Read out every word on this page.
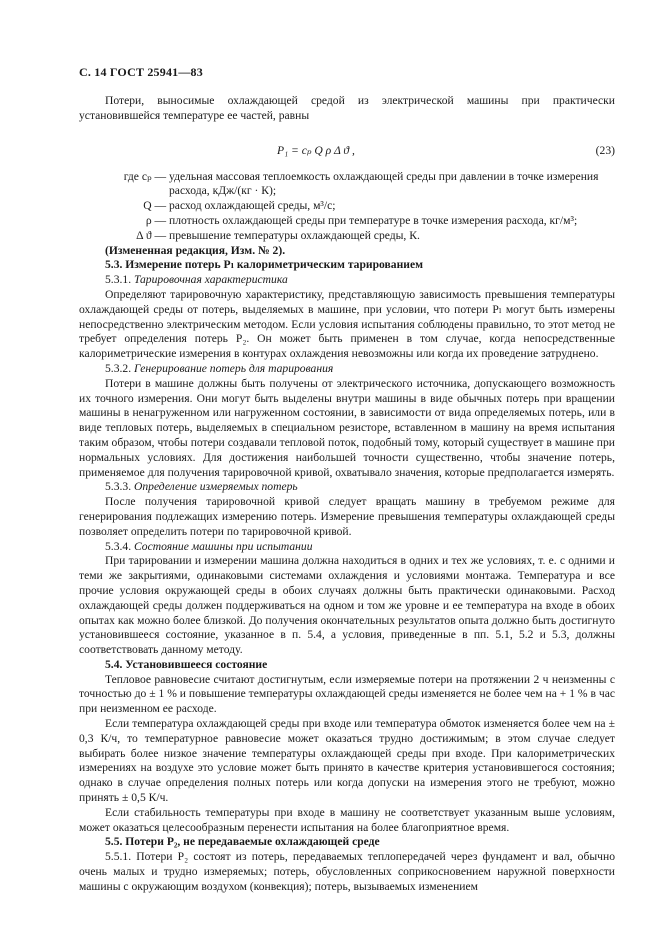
С. 14 ГОСТ 25941—83

Потери, выносимые охлаждающей средой из электрической машины при практически установившейся температуре ее частей, равны

P₁ = cₚ Q ρ Δ ϑ ,	(23)
где cₚ — удельная массовая теплоемкость охлаждающей среды при давлении в точке измерения расхода, кДж/(кг · К);
Q — расход охлаждающей среды, м³/с;
ρ — плотность охлаждающей среды при температуре в точке измерения расхода, кг/м³;
Δ ϑ — превышение температуры охлаждающей среды, К.

(Измененная редакция, Изм. № 2).

5.3. Измерение потерь Pₗ калориметрическим тарированием

5.3.1. Тарировочная характеристика

Определяют тарировочную характеристику, представляющую зависимость превышения температуры охлаждающей среды от потерь, выделяемых в машине, при условии, что потери Pₗ могут быть измерены непосредственно электрическим методом. Если условия испытания соблюдены правильно, то этот метод не требует определения потерь P₂. Он может быть применен в том случае, когда непосредственные калориметрические измерения в контурах охлаждения невозможны или когда их проведение затруднено.

5.3.2. Генерирование потерь для тарирования

Потери в машине должны быть получены от электрического источника, допускающего возможность их точного измерения. Они могут быть выделены внутри машины в виде обычных потерь при вращении машины в ненагруженном или нагруженном состоянии, в зависимости от вида определяемых потерь, или в виде тепловых потерь, выделяемых в специальном резисторе, вставленном в машину на время испытания таким образом, чтобы потери создавали тепловой поток, подобный тому, который существует в машине при нормальных условиях. Для достижения наибольшей точности существенно, чтобы значение потерь, применяемое для получения тарировочной кривой, охватывало значения, которые предполагается измерять.

5.3.3. Определение измеряемых потерь

После получения тарировочной кривой следует вращать машину в требуемом режиме для генерирования подлежащих измерению потерь. Измерение превышения температуры охлаждающей среды позволяет определить потери по тарировочной кривой.

5.3.4. Состояние машины при испытании

При тарировании и измерении машина должна находиться в одних и тех же условиях, т. е. с одними и теми же закрытиями, одинаковыми системами охлаждения и условиями монтажа. Температура и все прочие условия окружающей среды в обоих случаях должны быть практически одинаковыми. Расход охлаждающей среды должен поддерживаться на одном и том же уровне и ее температура на входе в обоих опытах как можно более близкой. До получения окончательных результатов опыта должно быть достигнуто установившееся состояние, указанное в п. 5.4, а условия, приведенные в пп. 5.1, 5.2 и 5.3, должны соответствовать данному методу.

5.4. Установившееся состояние

Тепловое равновесие считают достигнутым, если измеряемые потери на протяжении 2 ч неизменны с точностью до ± 1 % и повышение температуры охлаждающей среды изменяется не более чем на + 1 % в час при неизменном ее расходе.

Если температура охлаждающей среды при входе или температура обмоток изменяется более чем на ± 0,3 К/ч, то температурное равновесие может оказаться трудно достижимым; в этом случае следует выбирать более низкое значение температуры охлаждающей среды при входе. При калориметрических измерениях на воздухе это условие может быть принято в качестве критерия установившегося состояния; однако в случае определения полных потерь или когда допуски на измерения этого не требуют, можно принять ± 0,5 К/ч.

Если стабильность температуры при входе в машину не соответствует указанным выше условиям, может оказаться целесообразным перенести испытания на более благоприятное время.

5.5. Потери P₂, не передаваемые охлаждающей среде

5.5.1. Потери P₂ состоят из потерь, передаваемых теплопередачей через фундамент и вал, обычно очень малых и трудно измеряемых; потерь, обусловленных соприкосновением наружной поверхности машины с окружающим воздухом (конвекция); потерь, вызываемых изменением
